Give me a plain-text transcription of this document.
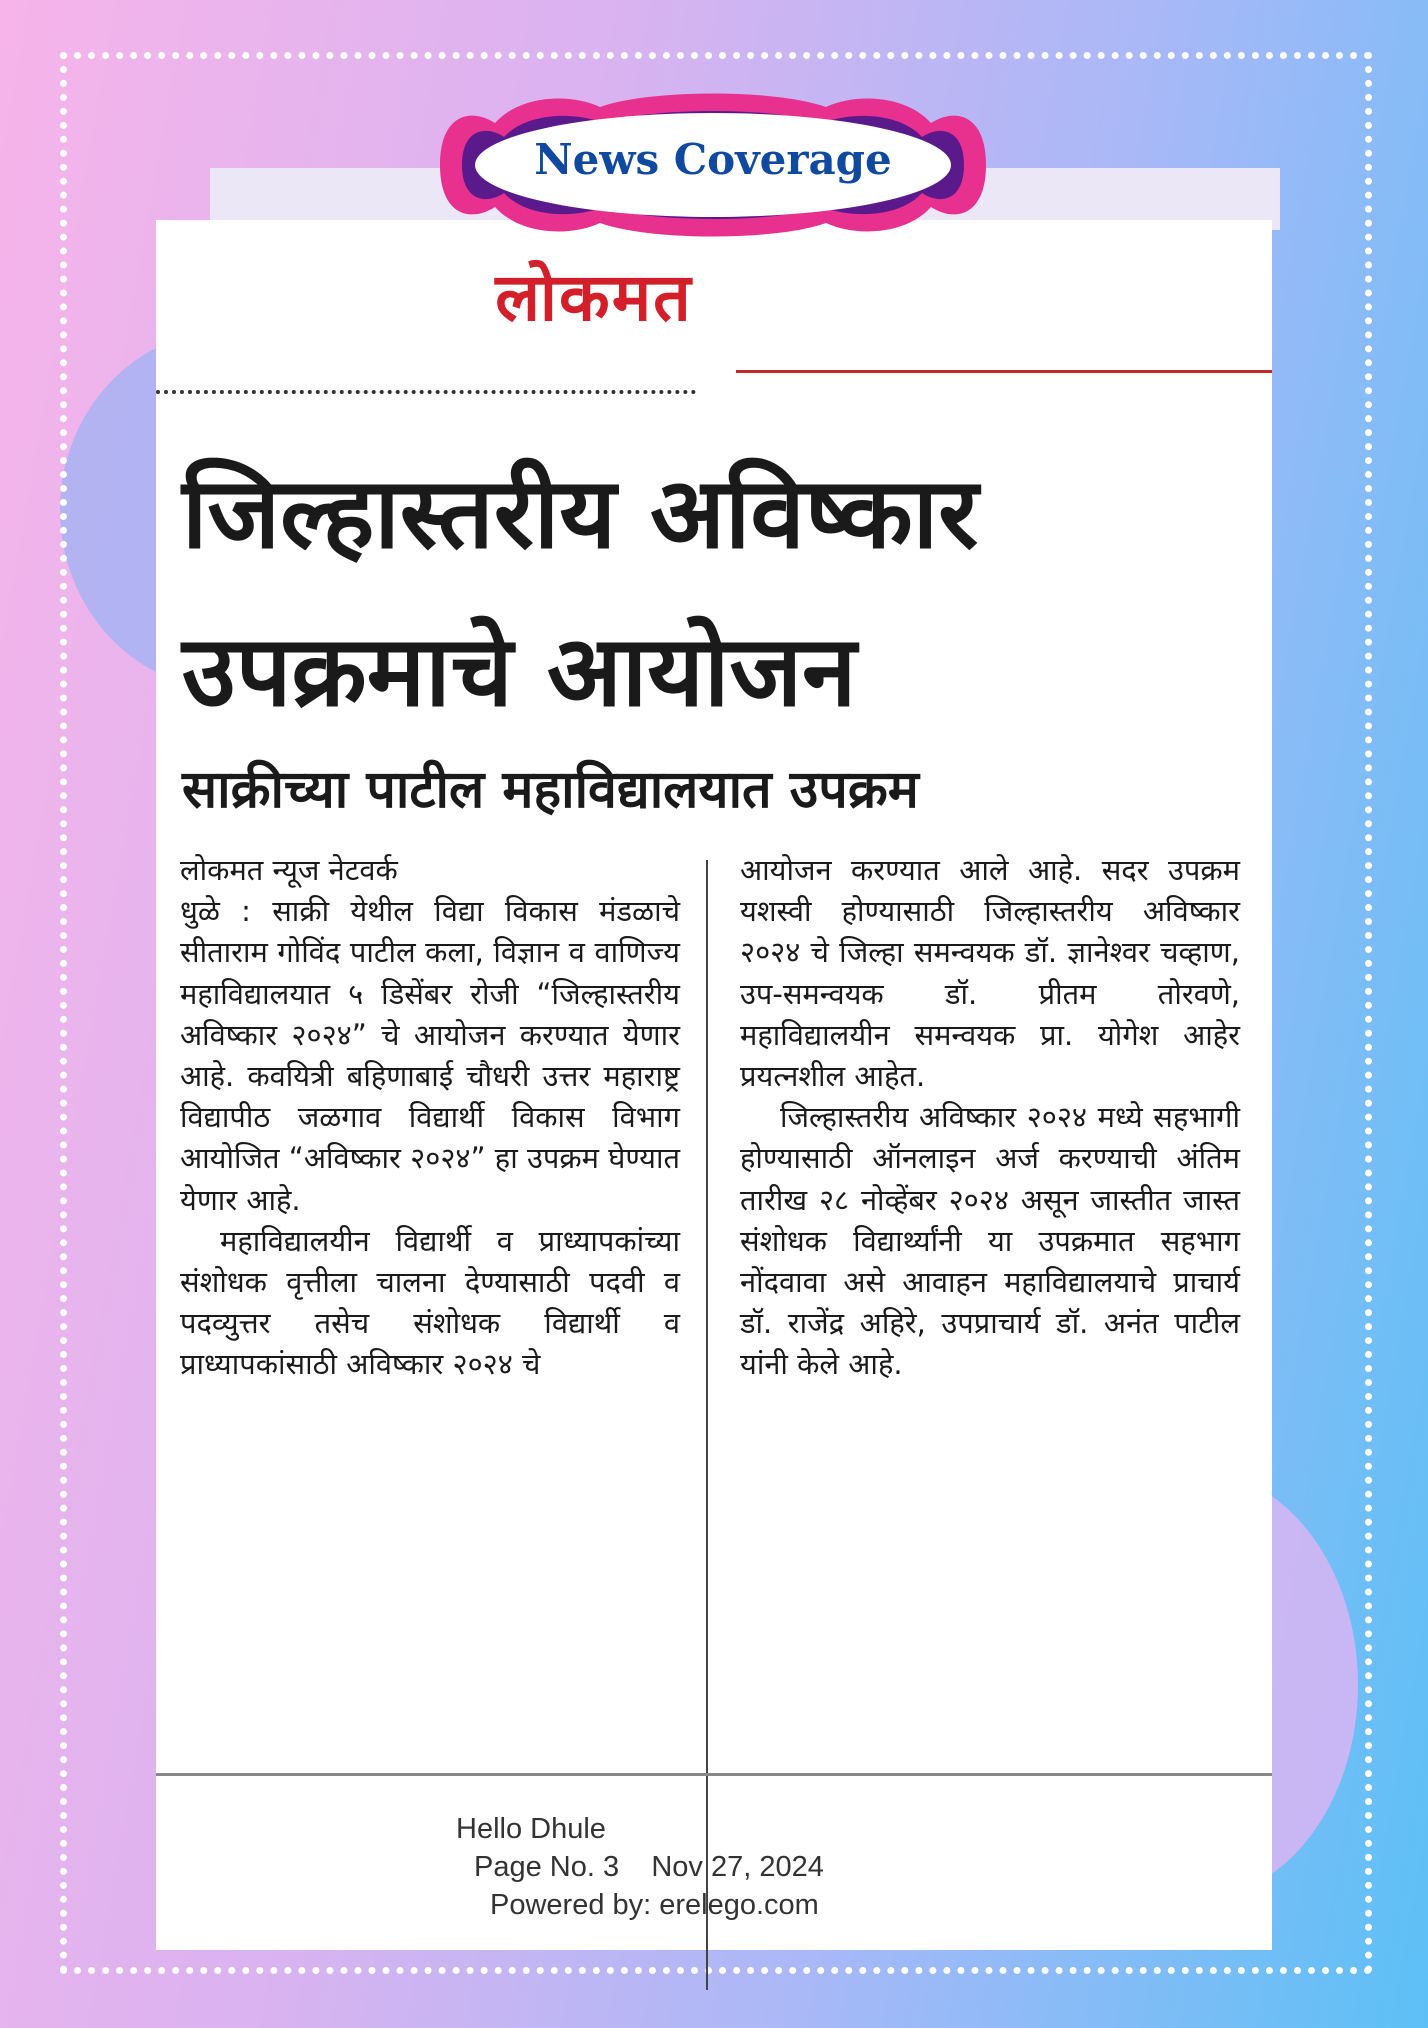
लोकमत
जिल्हास्तरीय अविष्कार
उपक्रमाचे आयोजन
साक्रीच्या पाटील महाविद्यालयात उपक्रम

लोकमत न्यूज नेटवर्क

धुळे : साक्री येथील विद्या विकास मंडळाचे सीताराम गोविंद पाटील कला, विज्ञान व वाणिज्य महाविद्यालयात ५ डिसेंबर रोजी “जिल्हास्तरीय अविष्कार २०२४” चे आयोजन करण्यात येणार आहे. कवयित्री बहिणाबाई चौधरी उत्तर महाराष्ट्र विद्यापीठ जळगाव विद्यार्थी विकास विभाग आयोजित “अविष्कार २०२४” हा उपक्रम घेण्यात येणार आहे.

महाविद्यालयीन विद्यार्थी व प्राध्यापकांच्या संशोधक वृत्तीला चालना देण्यासाठी पदवी व पदव्युत्तर तसेच संशोधक विद्यार्थी व प्राध्यापकांसाठी अविष्कार २०२४ चे

आयोजन करण्यात आले आहे. सदर उपक्रम यशस्वी होण्यासाठी जिल्हास्तरीय अविष्कार २०२४ चे जिल्हा समन्वयक डॉ. ज्ञानेश्वर चव्हाण, उप-समन्वयक डॉ. प्रीतम तोरवणे, महाविद्यालयीन समन्वयक प्रा. योगेश आहेर प्रयत्नशील आहेत.

जिल्हास्तरीय अविष्कार २०२४ मध्ये सहभागी होण्यासाठी ऑनलाइन अर्ज करण्याची अंतिम तारीख २८ नोव्हेंबर २०२४ असून जास्तीत जास्त संशोधक विद्यार्थ्यांनी या उपक्रमात सहभाग नोंदवावा असे आवाहन महाविद्यालयाचे प्राचार्य डॉ. राजेंद्र अहिरे, उपप्राचार्य डॉ. अनंत पाटील यांनी केले आहे.

Hello Dhule
Page No. 3    Nov 27, 2024
Powered by: erelego.com
News Coverage
